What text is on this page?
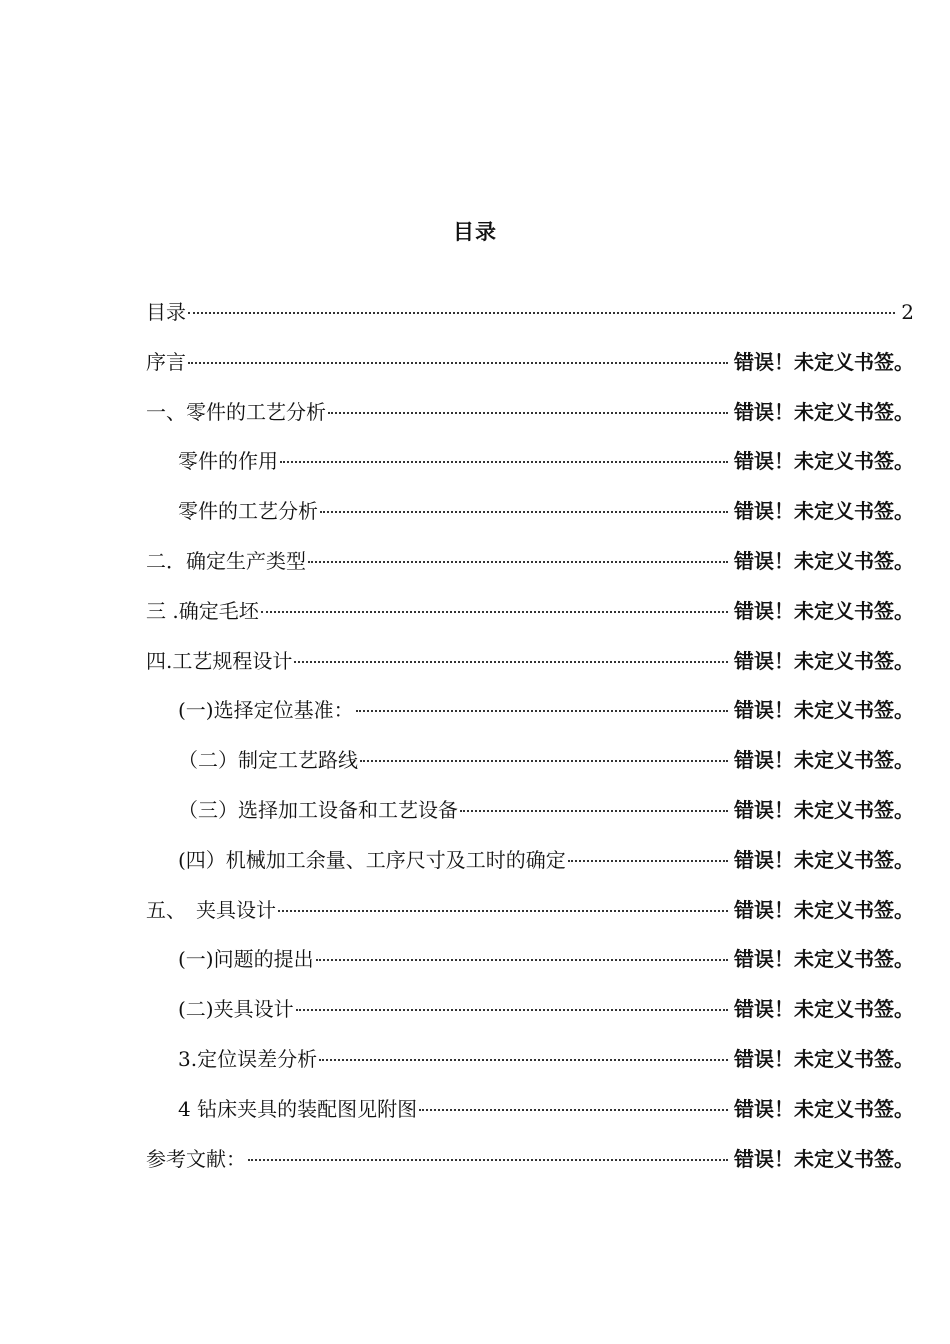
目录
目录	2
序言	错误！未定义书签。
一、零件的工艺分析	错误！未定义书签。
零件的作用	错误！未定义书签。
零件的工艺分析	错误！未定义书签。
二．确定生产类型	错误！未定义书签。
三 .确定毛坯	错误！未定义书签。
四.工艺规程设计	错误！未定义书签。
(一)选择定位基准：	错误！未定义书签。
（二）制定工艺路线	错误！未定义书签。
（三）选择加工设备和工艺设备	错误！未定义书签。
(四）机械加工余量、工序尺寸及工时的确定	错误！未定义书签。
五、　夹具设计	错误！未定义书签。
(一)问题的提出	错误！未定义书签。
(二)夹具设计	错误！未定义书签。
3.定位误差分析	错误！未定义书签。
4 钻床夹具的装配图见附图	错误！未定义书签。
参考文献：	错误！未定义书签。
